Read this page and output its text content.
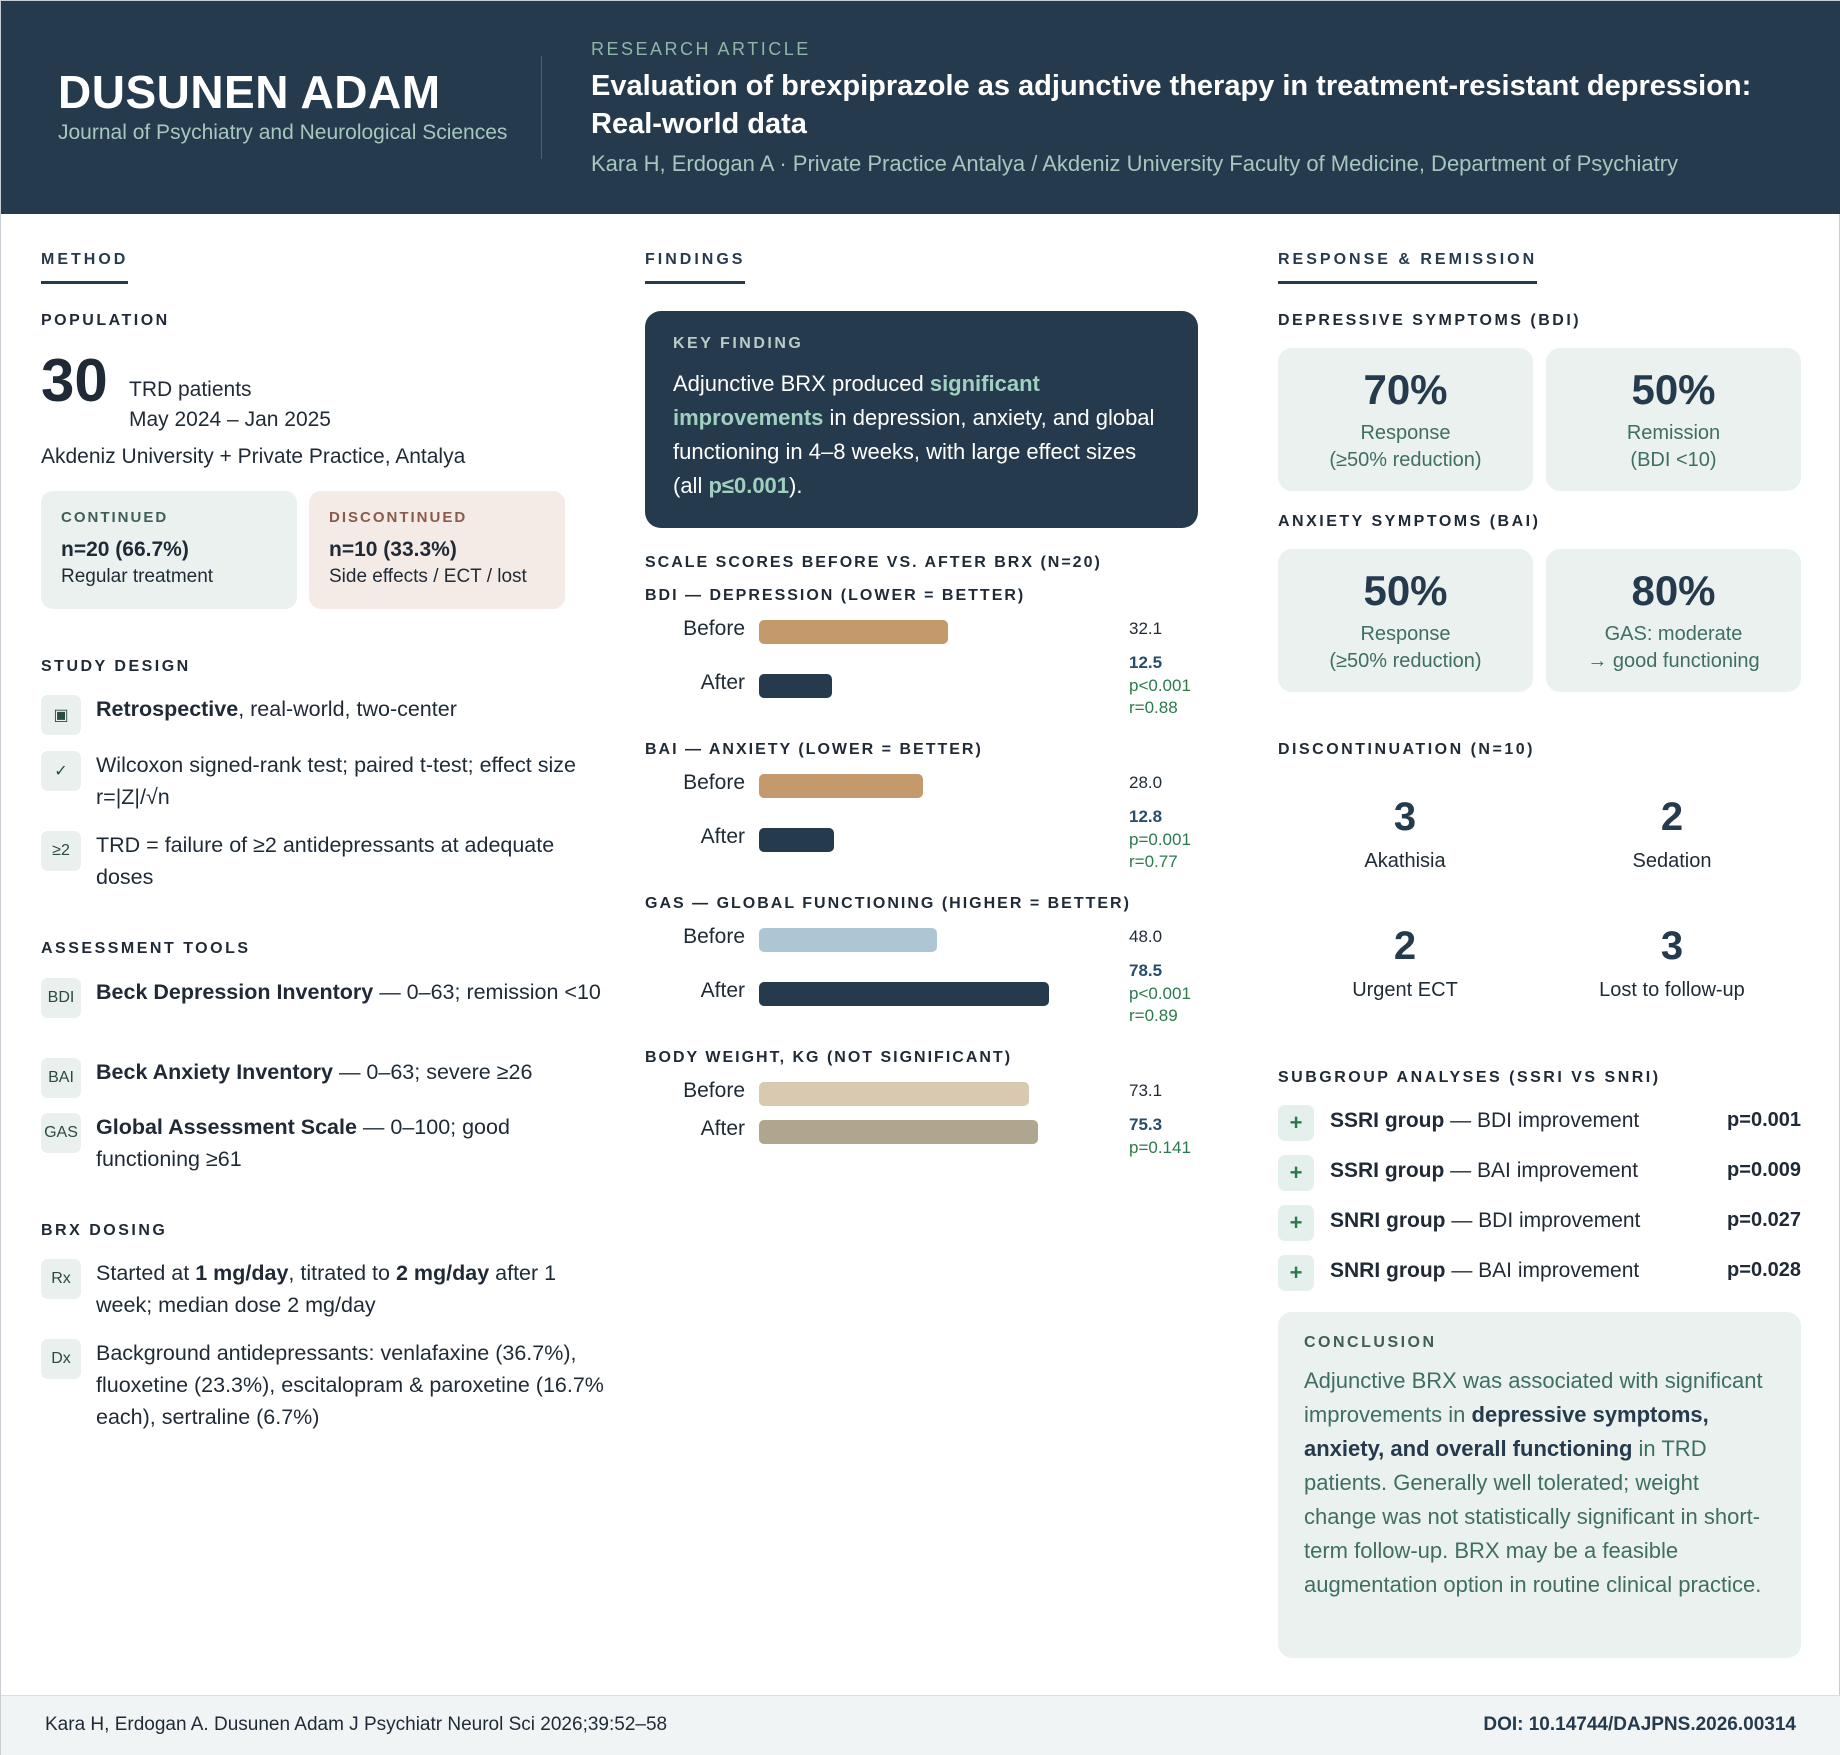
DUSUNEN ADAM
Journal of Psychiatry and Neurological Sciences
RESEARCH ARTICLE
Evaluation of brexpiprazole as adjunctive therapy in treatment-resistant depression: Real-world data
Kara H, Erdogan A · Private Practice Antalya / Akdeniz University Faculty of Medicine, Department of Psychiatry
METHOD
POPULATION
30 TRD patients
May 2024 – Jan 2025
Akdeniz University + Private Practice, Antalya
CONTINUED
n=20 (66.7%)
Regular treatment
DISCONTINUED
n=10 (33.3%)
Side effects / ECT / lost
STUDY DESIGN
▣	Retrospective, real-world, two-center
✓	Wilcoxon signed-rank test; paired t-test; effect size r=|Z|/√n
≥2	TRD = failure of ≥2 antidepressants at adequate doses
ASSESSMENT TOOLS
BDI	Beck Depression Inventory — 0–63; remission <10
BAI	Beck Anxiety Inventory — 0–63; severe ≥26
GAS Global Assessment Scale — 0–100; good functioning ≥61
BRX DOSING
Rx	Started at 1 mg/day, titrated to 2 mg/day after 1 week; median dose 2 mg/day
Dx	Background antidepressants: venlafaxine (36.7%), fluoxetine (23.3%), escitalopram & paroxetine (16.7% each), sertraline (6.7%)
FINDINGS
KEY FINDING
Adjunctive BRX produced significant improvements in depression, anxiety, and global functioning in 4–8 weeks, with large effect sizes (all p≤0.001).
SCALE SCORES BEFORE VS. AFTER BRX (N=20)
BDI — DEPRESSION (LOWER = BETTER)
Before
After
32.1
12.5
p<0.001
r=0.88
BAI — ANXIETY (LOWER = BETTER)
Before
After
28.0
12.8
p=0.001
r=0.77
GAS — GLOBAL FUNCTIONING (HIGHER = BETTER)
Before
After
48.0
78.5
p<0.001
r=0.89
BODY WEIGHT, KG (NOT SIGNIFICANT)
Before
After
73.1
75.3
p=0.141
RESPONSE & REMISSION
DEPRESSIVE SYMPTOMS (BDI)
70%
Response
(≥50% reduction)
50%
Remission
(BDI <10)
ANXIETY SYMPTOMS (BAI)
50%
Response
(≥50% reduction)
80%
GAS: moderate
→ good functioning
DISCONTINUATION (N=10)
3
Akathisia
2
Sedation
2
Urgent ECT
3
Lost to follow-up
SUBGROUP ANALYSES (SSRI VS SNRI)
+	SSRI group — BDI improvement	p=0.001
+	SSRI group — BAI improvement	p=0.009
+	SNRI group — BDI improvement	p=0.027
+	SNRI group — BAI improvement	p=0.028
CONCLUSION
Adjunctive BRX was associated with significant improvements in depressive symptoms, anxiety, and overall functioning in TRD patients. Generally well tolerated; weight change was not statistically significant in short-term follow-up. BRX may be a feasible augmentation option in routine clinical practice.
Kara H, Erdogan A. Dusunen Adam J Psychiatr Neurol Sci 2026;39:52–58	DOI: 10.14744/DAJPNS.2026.00314
